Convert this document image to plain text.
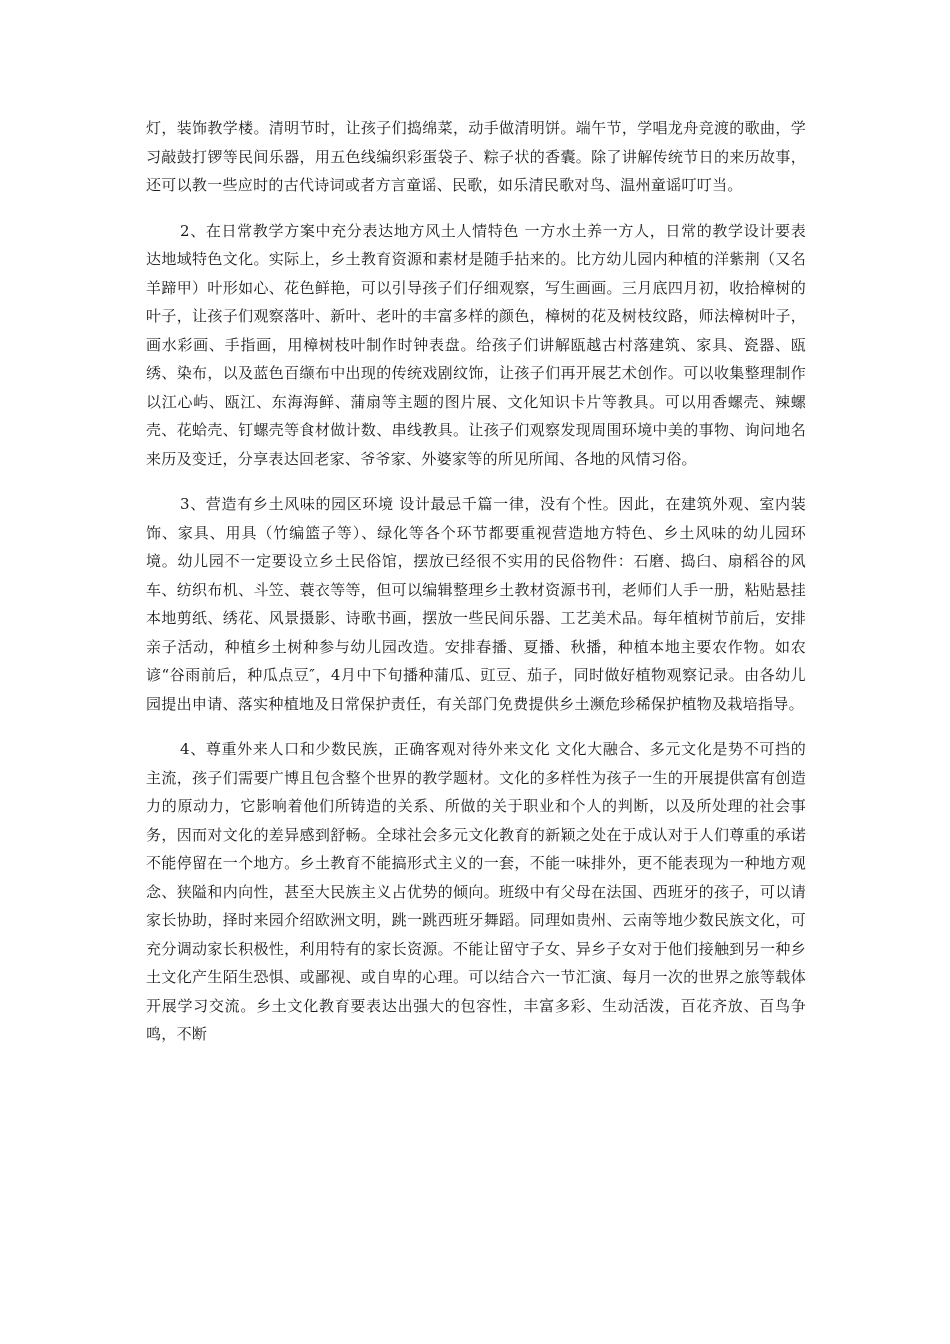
灯，装饰教学楼。清明节时，让孩子们捣绵菜，动手做清明饼。端午节，学唱龙舟竞渡的歌曲，学习敲鼓打锣等民间乐器，用五色线编织彩蛋袋子、粽子状的香囊。除了讲解传统节日的来历故事，还可以教一些应时的古代诗词或者方言童谣、民歌，如乐清民歌对鸟、温州童谣叮叮当。

2、在日常教学方案中充分表达地方风土人情特色 一方水土养一方人，日常的教学设计要表达地域特色文化。实际上，乡土教育资源和素材是随手拈来的。比方幼儿园内种植的洋紫荆（又名羊蹄甲）叶形如心、花色鲜艳，可以引导孩子们仔细观察，写生画画。三月底四月初，收拾樟树的叶子，让孩子们观察落叶、新叶、老叶的丰富多样的颜色，樟树的花及树枝纹路，师法樟树叶子，画水彩画、手指画，用樟树枝叶制作时钟表盘。给孩子们讲解瓯越古村落建筑、家具、瓷器、瓯绣、染布，以及蓝色百缬布中出现的传统戏剧纹饰，让孩子们再开展艺术创作。可以收集整理制作以江心屿、瓯江、东海海鲜、蒲扇等主题的图片展、文化知识卡片等教具。可以用香螺壳、辣螺壳、花蛤壳、钉螺壳等食材做计数、串线教具。让孩子们观察发现周围环境中美的事物、询问地名来历及变迁，分享表达回老家、爷爷家、外婆家等的所见所闻、各地的风情习俗。

3、营造有乡土风味的园区环境 设计最忌千篇一律，没有个性。因此，在建筑外观、室内装饰、家具、用具（竹编篮子等）、绿化等各个环节都要重视营造地方特色、乡土风味的幼儿园环境。幼儿园不一定要设立乡土民俗馆，摆放已经很不实用的民俗物件：石磨、捣臼、扇稻谷的风车、纺织布机、斗笠、蓑衣等等，但可以编辑整理乡土教材资源书刊，老师们人手一册，粘贴悬挂本地剪纸、绣花、风景摄影、诗歌书画，摆放一些民间乐器、工艺美术品。每年植树节前后，安排亲子活动，种植乡土树种参与幼儿园改造。安排春播、夏播、秋播，种植本地主要农作物。如农谚“谷雨前后，种瓜点豆″，4月中下旬播种蒲瓜、豇豆、茄子，同时做好植物观察记录。由各幼儿园提出申请、落实种植地及日常保护责任，有关部门免费提供乡土濒危珍稀保护植物及栽培指导。

4、尊重外来人口和少数民族，正确客观对待外来文化 文化大融合、多元文化是势不可挡的主流，孩子们需要广博且包含整个世界的教学题材。文化的多样性为孩子一生的开展提供富有创造力的原动力，它影响着他们所铸造的关系、所做的关于职业和个人的判断，以及所处理的社会事务，因而对文化的差异感到舒畅。全球社会多元文化教育的新颖之处在于成认对于人们尊重的承诺不能停留在一个地方。乡土教育不能搞形式主义的一套，不能一味排外，更不能表现为一种地方观念、狭隘和内向性，甚至大民族主义占优势的倾向。班级中有父母在法国、西班牙的孩子，可以请家长协助，择时来园介绍欧洲文明，跳一跳西班牙舞蹈。同理如贵州、云南等地少数民族文化，可充分调动家长积极性，利用特有的家长资源。不能让留守子女、异乡子女对于他们接触到另一种乡土文化产生陌生恐惧、或鄙视、或自卑的心理。可以结合六一节汇演、每月一次的世界之旅等载体开展学习交流。乡土文化教育要表达出强大的包容性，丰富多彩、生动活泼，百花齐放、百鸟争鸣，不断
